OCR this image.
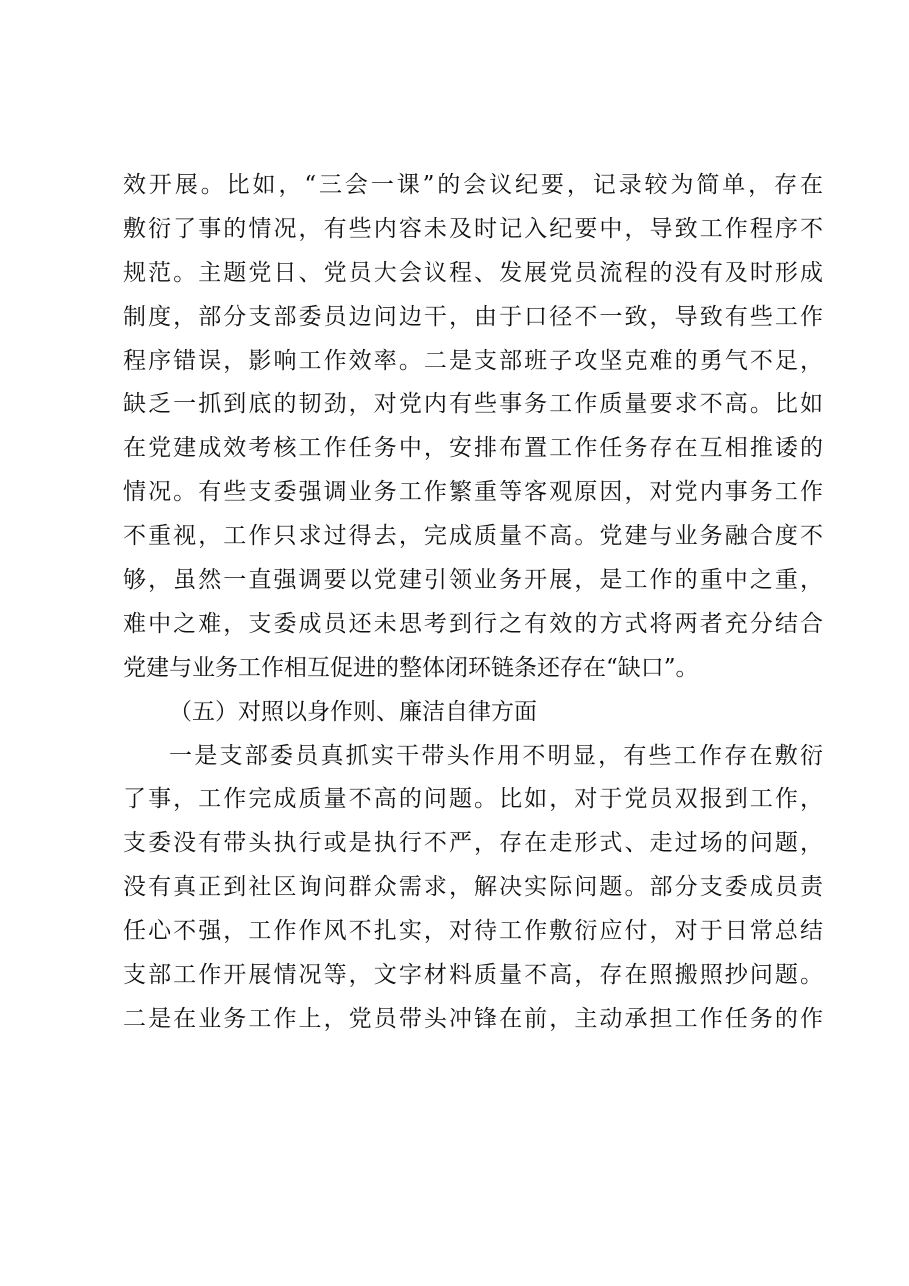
效开展。比如，“三会一课”的会议纪要，记录较为简单，存在
敷衍了事的情况，有些内容未及时记入纪要中，导致工作程序不
规范。主题党日、党员大会议程、发展党员流程的没有及时形成
制度，部分支部委员边问边干，由于口径不一致，导致有些工作
程序错误，影响工作效率。二是支部班子攻坚克难的勇气不足，
缺乏一抓到底的韧劲，对党内有些事务工作质量要求不高。比如
在党建成效考核工作任务中，安排布置工作任务存在互相推诿的
情况。有些支委强调业务工作繁重等客观原因，对党内事务工作
不重视，工作只求过得去，完成质量不高。党建与业务融合度不
够，虽然一直强调要以党建引领业务开展，是工作的重中之重，
难中之难，支委成员还未思考到行之有效的方式将两者充分结合
党建与业务工作相互促进的整体闭环链条还存在“缺口”。
（五）对照以身作则、廉洁自律方面
一是支部委员真抓实干带头作用不明显，有些工作存在敷衍
了事，工作完成质量不高的问题。比如，对于党员双报到工作，
支委没有带头执行或是执行不严，存在走形式、走过场的问题，
没有真正到社区询问群众需求，解决实际问题。部分支委成员责
任心不强，工作作风不扎实，对待工作敷衍应付，对于日常总结
支部工作开展情况等，文字材料质量不高，存在照搬照抄问题。
二是在业务工作上，党员带头冲锋在前，主动承担工作任务的作
